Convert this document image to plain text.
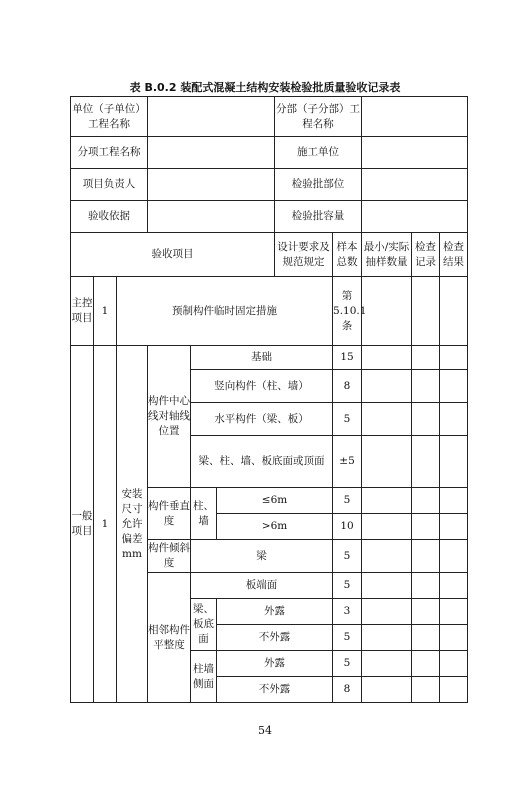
表 B.0.2 装配式混凝土结构安装检验批质量验收记录表
单位（子单位）工程名称						分部（子分部）工程名称				
分项工程名称						施工单位				
项目负责人						检验批部位				
验收依据						检验批容量				
验收项目						设计要求及规范规定	样本总数	最小/实际抽样数量	检查记录	检查结果
主控项目	1	预制构件临时固定措施					第5.10.1条			
一般项目	1	安装尺寸允许偏差mm	构件中心线对轴线位置	基础			15			
				竖向构件（柱、墙）			8			
				水平构件（梁、板）			5			
				梁、柱、墙、板底面或顶面			±5			
			构件垂直度	柱、墙	≤6m		5			
					>6m		10			
			构件倾斜度	梁			5			
			相邻构件平整度	板端面			5			
				梁、板底面	外露		3			
					不外露		5			
				柱墙侧面	外露		5			
					不外露		8			
54
